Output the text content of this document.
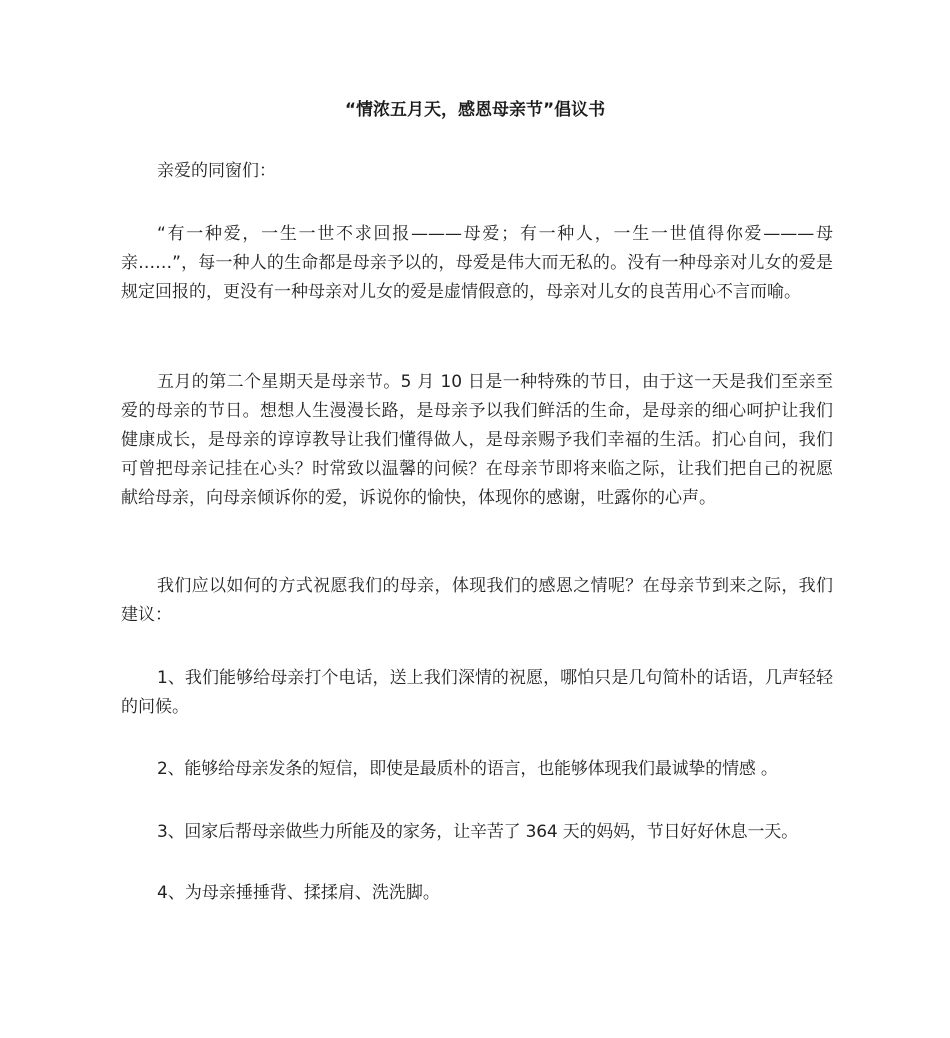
“情浓五月天，感恩母亲节”倡议书

亲爱的同窗们：

“有一种爱，一生一世不求回报———母爱；有一种人，一生一世值得你爱———母亲……”，每一种人的生命都是母亲予以的，母爱是伟大而无私的。没有一种母亲对儿女的爱是规定回报的，更没有一种母亲对儿女的爱是虚情假意的，母亲对儿女的良苦用心不言而喻。

五月的第二个星期天是母亲节。5 月 10 日是一种特殊的节日，由于这一天是我们至亲至爱的母亲的节日。想想人生漫漫长路，是母亲予以我们鲜活的生命，是母亲的细心呵护让我们健康成长，是母亲的谆谆教导让我们懂得做人，是母亲赐予我们幸福的生活。扪心自问，我们可曾把母亲记挂在心头？时常致以温馨的问候？在母亲节即将来临之际，让我们把自己的祝愿献给母亲，向母亲倾诉你的爱，诉说你的愉快，体现你的感谢，吐露你的心声。

我们应以如何的方式祝愿我们的母亲，体现我们的感恩之情呢？在母亲节到来之际，我们建议：

1、我们能够给母亲打个电话，送上我们深情的祝愿，哪怕只是几句简朴的话语，几声轻轻的问候。

2、能够给母亲发条的短信，即使是最质朴的语言，也能够体现我们最诚挚的情感 。

3、回家后帮母亲做些力所能及的家务，让辛苦了 364 天的妈妈，节日好好休息一天。

4、为母亲捶捶背、揉揉肩、洗洗脚。
